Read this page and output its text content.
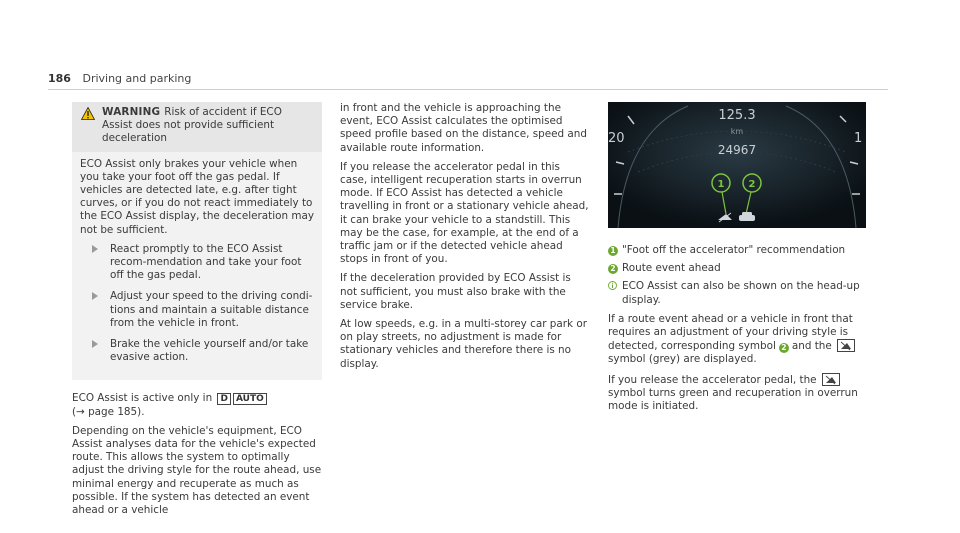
186 Driving and parking
WARNING Risk of accident if ECO Assist does not provide sufficient deceleration

ECO Assist only brakes your vehicle when you take your foot off the gas pedal. If vehicles are detected late, e.g. after tight curves, or if you do not react immediately to the ECO Assist display, the deceleration may not be sufficient.

React promptly to the ECO Assist recom-mendation and take your foot off the gas pedal.
Adjust your speed to the driving condi-tions and maintain a suitable distance from the vehicle in front.
Brake the vehicle yourself and/or take evasive action.

ECO Assist is active only in D AUTO
(→ page 185).

Depending on the vehicle's equipment, ECO Assist analyses data for the vehicle's expected route. This allows the system to optimally adjust the driving style for the route ahead, use minimal energy and recuperate as much as possible. If the system has detected an event ahead or a vehicle

in front and the vehicle is approaching the event, ECO Assist calculates the optimised speed profile based on the distance, speed and available route information.

If you release the accelerator pedal in this case, intelligent recuperation starts in overrun mode. If ECO Assist has detected a vehicle travelling in front or a stationary vehicle ahead, it can brake your vehicle to a standstill. This may be the case, for example, at the end of a traffic jam or if the detected vehicle ahead stops in front of you.

If the deceleration provided by ECO Assist is not sufficient, you must also brake with the service brake.

At low speeds, e.g. in a multi-storey car park or on play streets, no adjustment is made for stationary vehicles and therefore there is no display.

125.3
km
24967
20	1
1 2
1 "Foot off the accelerator" recommendation
2 Route event ahead
ECO Assist can also be shown on the head-up display.

If a route event ahead or a vehicle in front that requires an adjustment of your driving style is detected, corresponding symbol 2 and the
symbol (grey) are displayed.

If you release the accelerator pedal, the  symbol turns green and recuperation in overrun mode is initiated.
